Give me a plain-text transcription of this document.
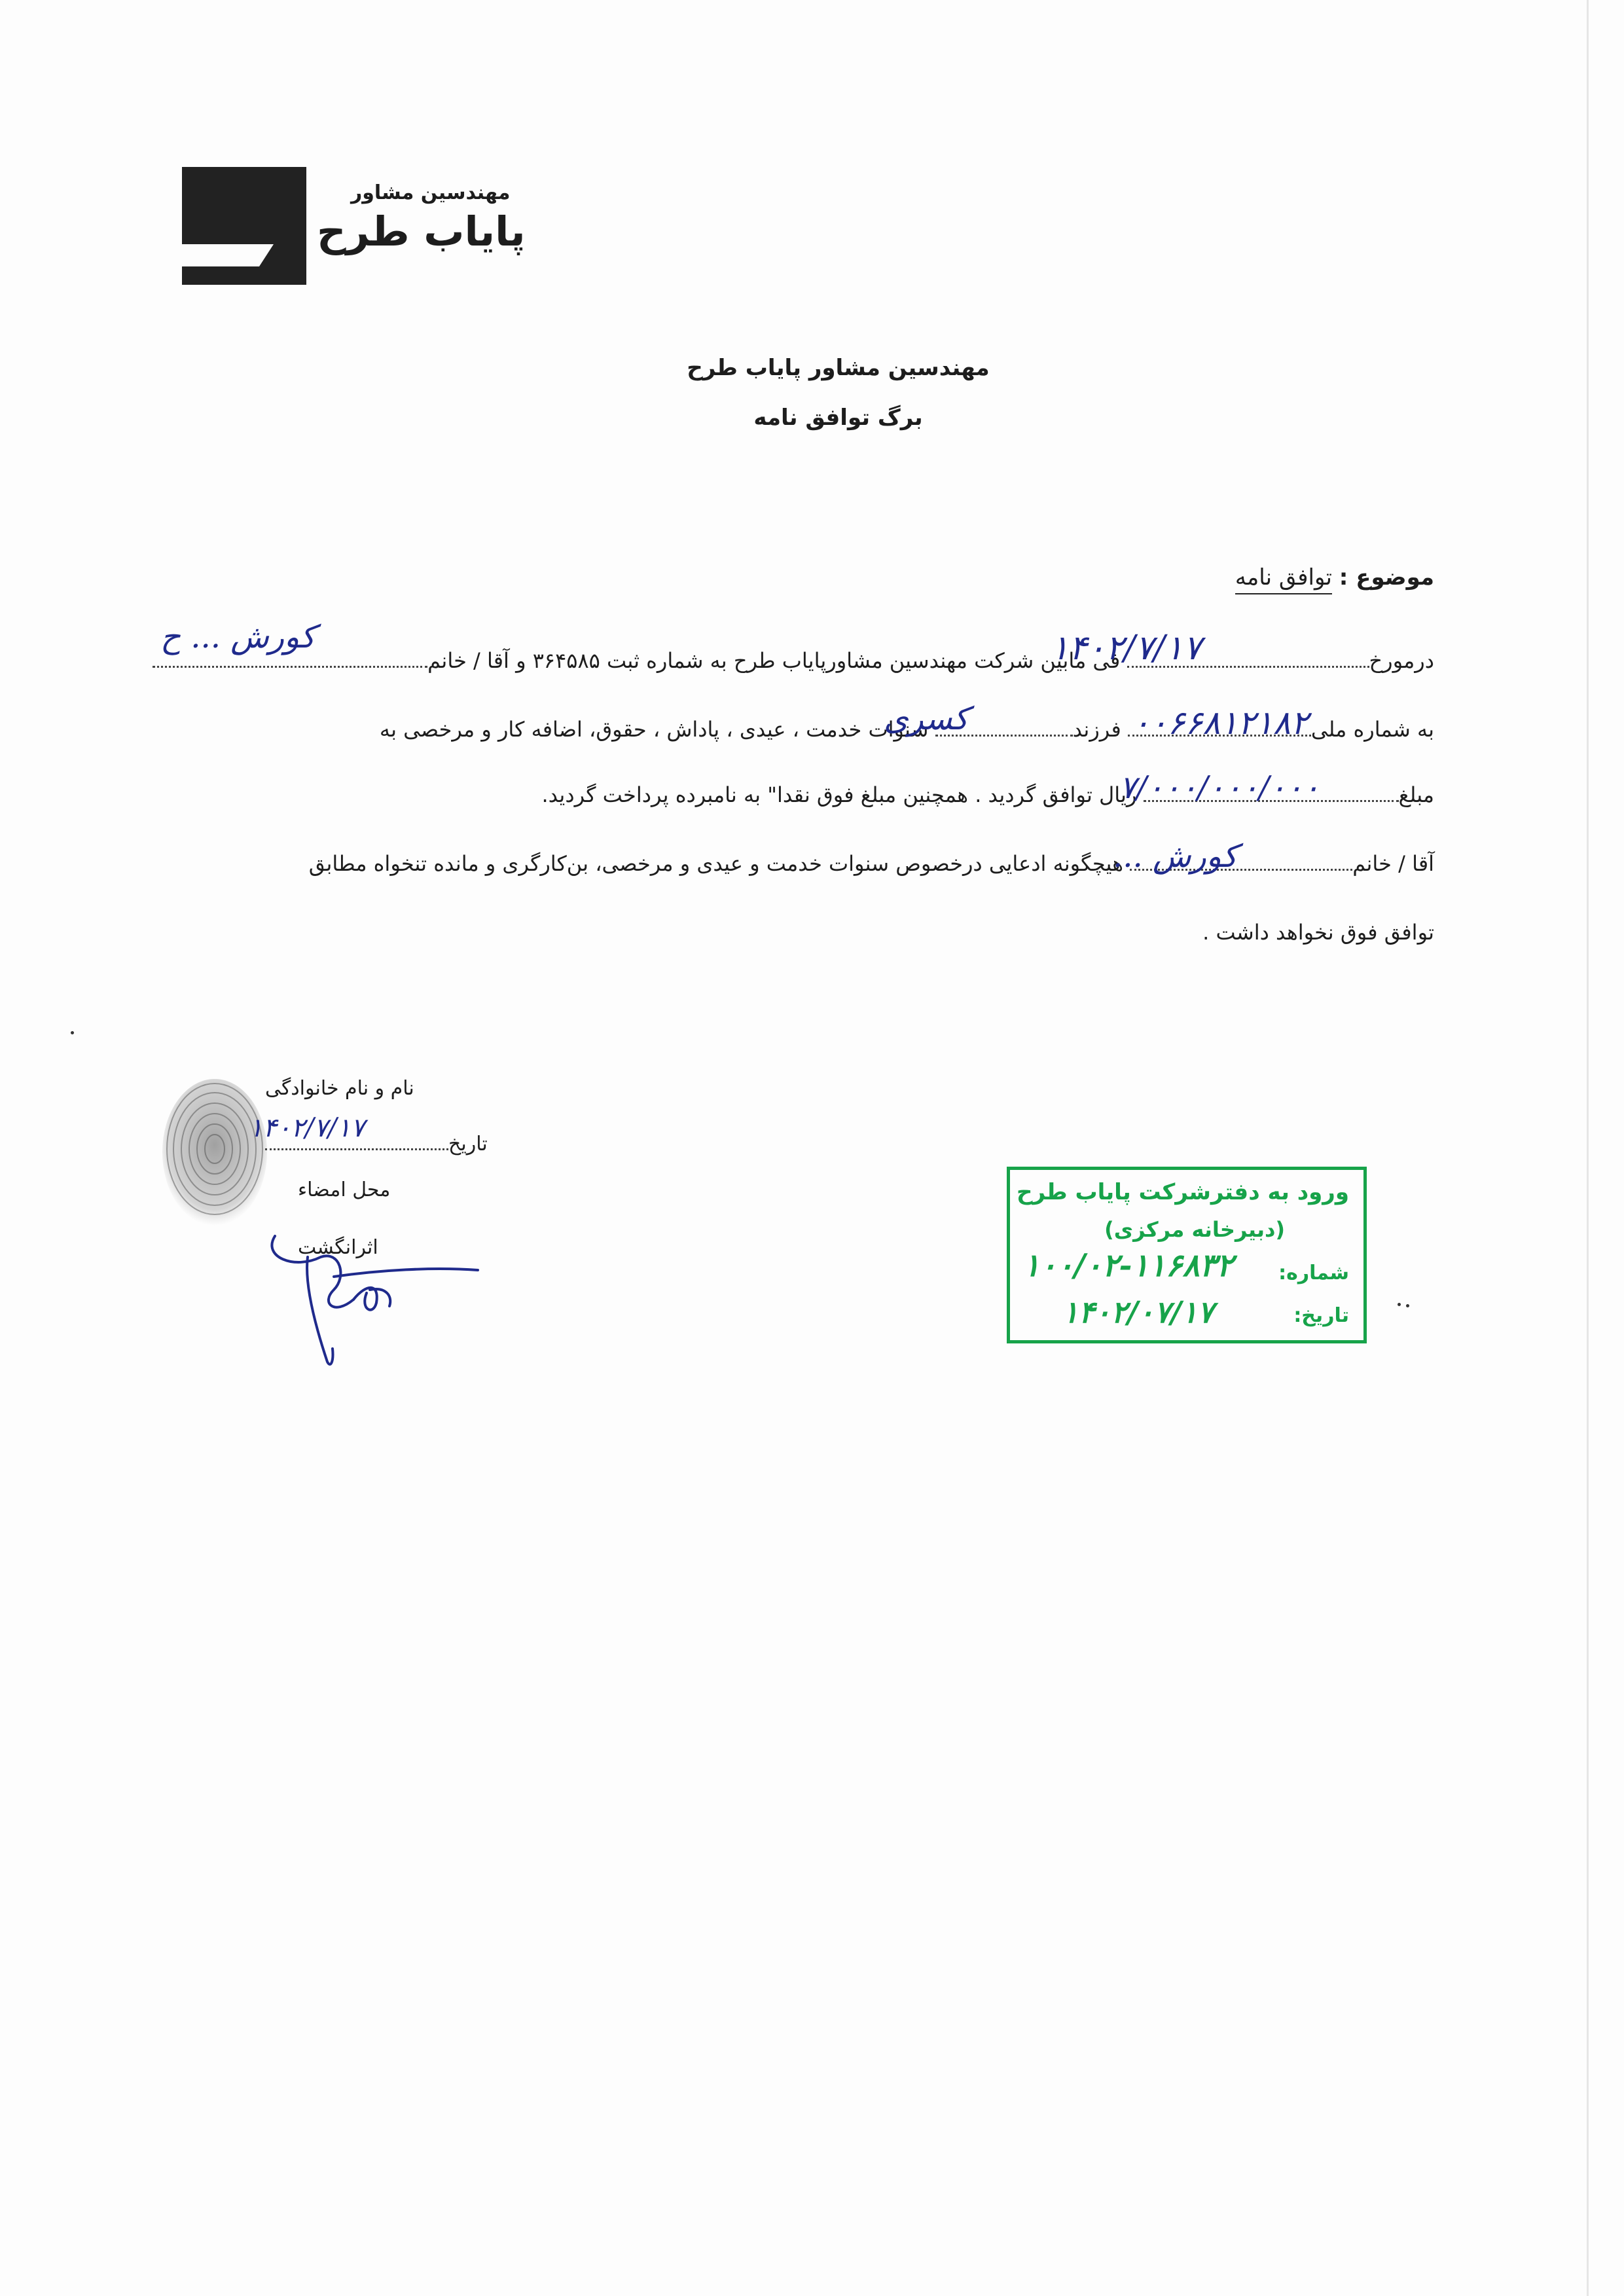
مهندسین مشاور
پایاب طرح
مهندسین مشاور پایاب طرح
برگ توافق نامه
موضوع : توافق نامه
درمورخ فی مابین شرکت مهندسین مشاورپایاب طرح به شماره ثبت ۳۶۴۵۸۵ و آقا / خانم
۱۴۰۲/۷/۱۷
کورش ... ح
به شماره ملی فرزند سنوات خدمت ، عیدی ، پاداش ، حقوق، اضافه کار و مرخصی به	۰۰۶۶۸۱۲۱۸۲
کسری
مبلغ ریال توافق گردید . همچنین مبلغ فوق نقدا" به نامبرده پرداخت گردید.
۷/۰۰۰/۰۰۰/۰۰۰
آقا / خانم هیچگونه ادعایی درخصوص سنوات خدمت و عیدی و مرخصی، بن‌کارگری و مانده تنخواه مطابق
کورش ...
توافق فوق نخواهد داشت .
نام و نام خانوادگی
تاریخ
۱۴۰۲/۷/۱۷
محل امضاء
اثرانگشت
ورود به دفترشرکت پایاب طرح
(دبیرخانه مرکزی)
شماره:
تاریخ:
۱۰۰/۰۲-۱۱۶۸۳۲
۱۴۰۲/۰۷/۱۷
